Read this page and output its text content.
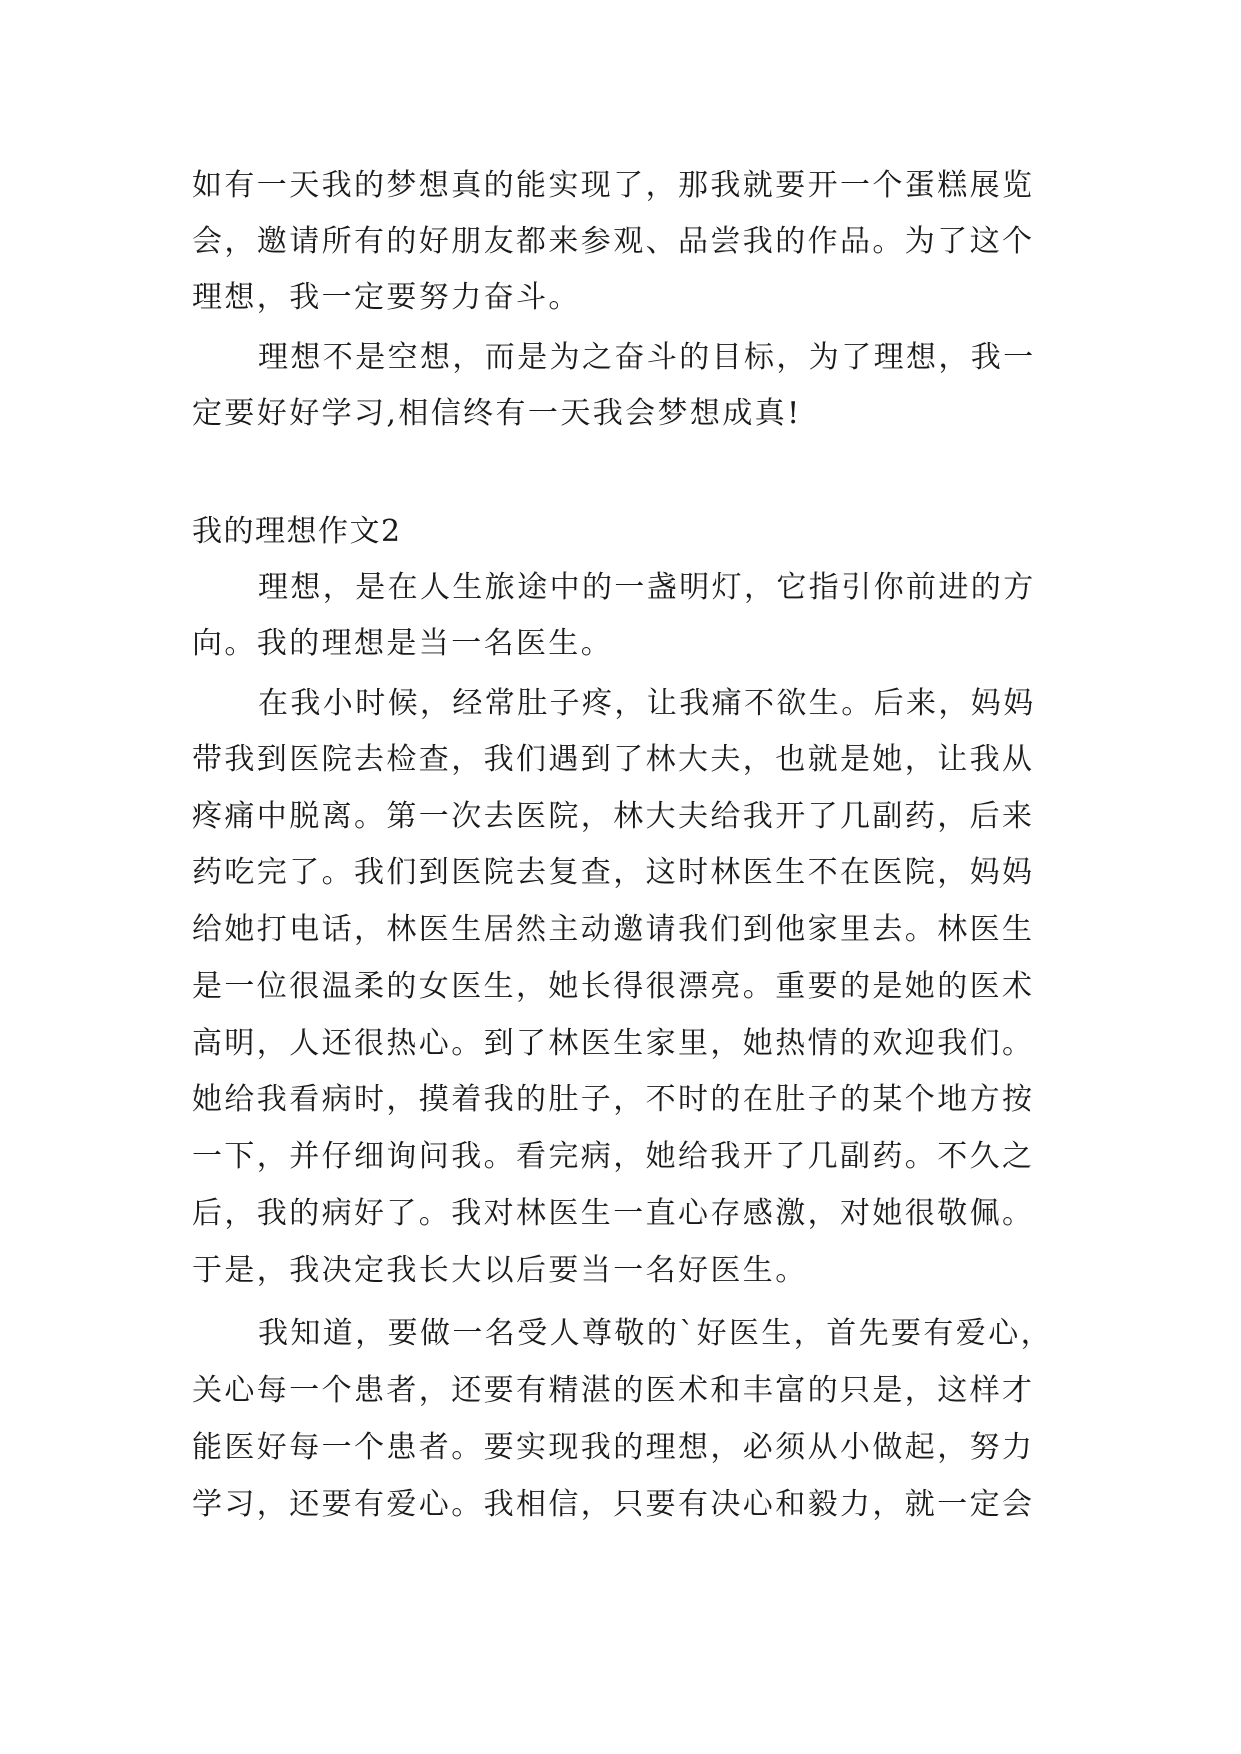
如有一天我的梦想真的能实现了，那我就要开一个蛋糕展览
会，邀请所有的好朋友都来参观、品尝我的作品。为了这个
理想，我一定要努力奋斗。
理想不是空想，而是为之奋斗的目标，为了理想，我一
定要好好学习,相信终有一天我会梦想成真!
我的理想作文2
理想，是在人生旅途中的一盏明灯，它指引你前进的方
向。我的理想是当一名医生。
在我小时候，经常肚子疼，让我痛不欲生。后来，妈妈
带我到医院去检查，我们遇到了林大夫，也就是她，让我从
疼痛中脱离。第一次去医院，林大夫给我开了几副药，后来
药吃完了。我们到医院去复查，这时林医生不在医院，妈妈
给她打电话，林医生居然主动邀请我们到他家里去。林医生
是一位很温柔的女医生，她长得很漂亮。重要的是她的医术
高明，人还很热心。到了林医生家里，她热情的欢迎我们。
她给我看病时，摸着我的肚子，不时的在肚子的某个地方按
一下，并仔细询问我。看完病，她给我开了几副药。不久之
后，我的病好了。我对林医生一直心存感激，对她很敬佩。
于是，我决定我长大以后要当一名好医生。
我知道，要做一名受人尊敬的`好医生，首先要有爱心，
关心每一个患者，还要有精湛的医术和丰富的只是，这样才
能医好每一个患者。要实现我的理想，必须从小做起，努力
学习，还要有爱心。我相信，只要有决心和毅力，就一定会
